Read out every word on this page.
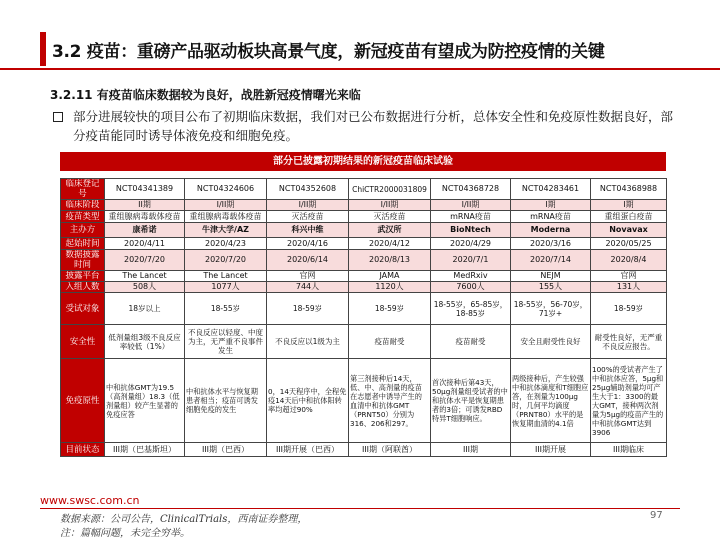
3.2 疫苗：重磅产品驱动板块高景气度，新冠疫苗有望成为防控疫情的关键
3.2.11 有疫苗临床数据较为良好，战胜新冠疫情曙光来临
部分进展较快的项目公布了初期临床数据，我们对已公布数据进行分析，总体安全性和免疫原性数据良好，部分疫苗能同时诱导体液免疫和细胞免疫。
部分已披露初期结果的新冠疫苗临床试验
临床登记号	NCT04341389	NCT04324606	NCT04352608	ChiCTR2000031809	NCT04368728	NCT04283461	NCT04368988
临床阶段	II期	I/II期	I/II期	I/II期	I/II期	I期	I期
疫苗类型	重组腺病毒载体疫苗	重组腺病毒载体疫苗	灭活疫苗	灭活疫苗	mRNA疫苗	mRNA疫苗	重组蛋白疫苗
主办方	康希诺	牛津大学/AZ	科兴中维	武汉所	BioNtech	Moderna	Novavax
起始时间	2020/4/11	2020/4/23	2020/4/16	2020/4/12	2020/4/29	2020/3/16	2020/05/25
数据披露时间	2020/7/20	2020/7/20	2020/6/14	2020/8/13	2020/7/1	2020/7/14	2020/8/4
披露平台	The Lancet	The Lancet	官网	JAMA	MedRxiv	NEJM	官网
入组人数	508人	1077人	744人	1120人	7600人	155人	131人
受试对象	18岁以上	18-55岁	18-59岁	18-59岁	18-55岁，65-85岁，18-85岁	18-55岁，56-70岁，71岁+	18-59岁
安全性	低剂量组3级不良反应率较低（1%）	不良反应以轻度、中度为主，无严重不良事件发生	不良反应以1级为主	疫苗耐受	疫苗耐受	安全且耐受性良好	耐受性良好，无严重不良反应报告。
免疫原性	中和抗体GMT为19.5（高剂量组）18.3（低剂量组）较产生显著的免疫应答	中和抗体水平与恢复期患者相当；疫苗可诱发细胞免疫的发生	0，14天程序中，全程免疫14天后中和抗体阳转率均超过90%	第三剂接种后14天，低、中、高剂量的疫苗在志愿者中诱导产生的血清中和抗体GMT（PRNT50）分别为316、206和297。	首次接种后第43天，50μg剂量组受试者的中和抗体水平是恢复期患者的3倍；可诱发RBD特异T细胞响应。	两级接种后，产生较强中和抗体滴度和T细胞应答，在剂量为100μg时，几何平均滴度（PRNT80）水平的是恢复期血清的4.1倍	100%的受试者产生了中和抗体应答，5μg和25μg辅助剂量均可产生大于1：3300的最大GMT，接种两次剂量为5μg的疫苗产生的中和抗体GMT达到3906
目前状态	III期（巴基斯坦）	III期（巴西）	III期开展（巴西）	III期（阿联酋）	III期	III期开展	III期临床
www.swsc.com.cn
数据来源：公司公告，ClinicalTrials，西南证券整理，
注：篇幅问题，未完全穷举。
97
